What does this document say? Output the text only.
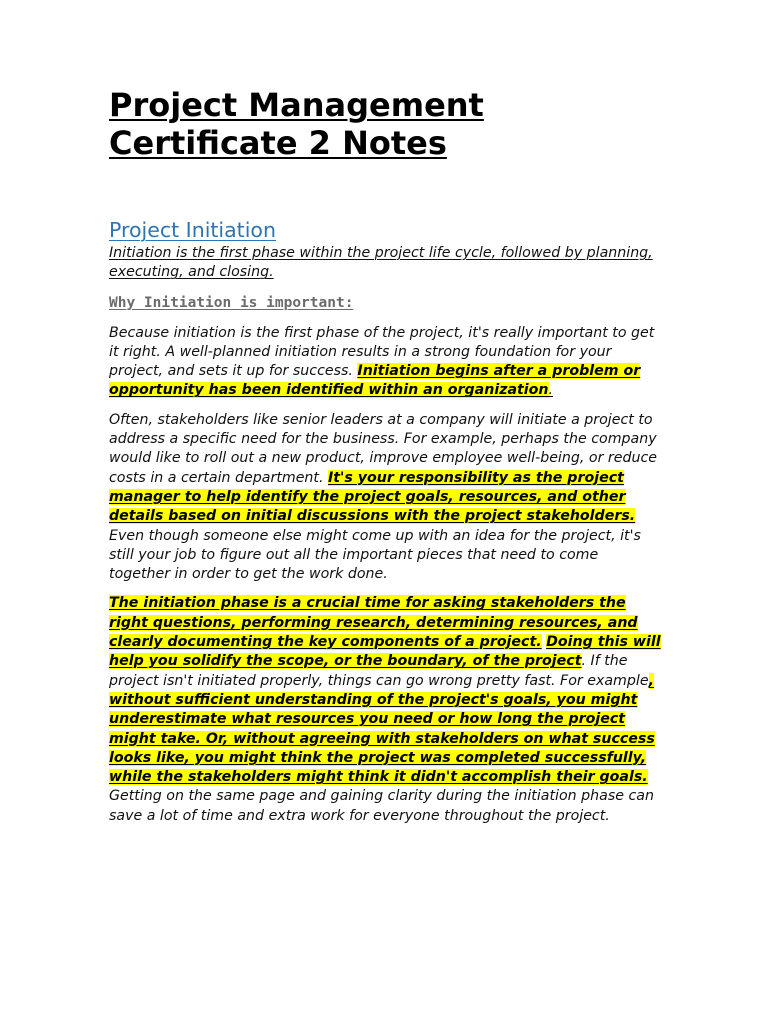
Project Management
Certificate 2 Notes
Project Initiation

Initiation is the first phase within the project life cycle, followed by planning, executing, and closing.

Why Initiation is important:

Because initiation is the first phase of the project, it's really important to get it right. A well-planned initiation results in a strong foundation for your project, and sets it up for success. Initiation begins after a problem or opportunity has been identified within an organization.

Often, stakeholders like senior leaders at a company will initiate a project to address a specific need for the business. For example, perhaps the company would like to roll out a new product, improve employee well-being, or reduce costs in a certain department. It's your responsibility as the project manager to help identify the project goals, resources, and other details based on initial discussions with the project stakeholders. Even though someone else might come up with an idea for the project, it's still your job to figure out all the important pieces that need to come together in order to get the work done.

The initiation phase is a crucial time for asking stakeholders the right questions, performing research, determining resources, and clearly documenting the key components of a project. Doing this will help you solidify the scope, or the boundary, of the project. If the project isn't initiated properly, things can go wrong pretty fast. For example, without sufficient understanding of the project's goals, you might underestimate what resources you need or how long the project might take. Or, without agreeing with stakeholders on what success looks like, you might think the project was completed successfully, while the stakeholders might think it didn't accomplish their goals. Getting on the same page and gaining clarity during the initiation phase can save a lot of time and extra work for everyone throughout the project.
